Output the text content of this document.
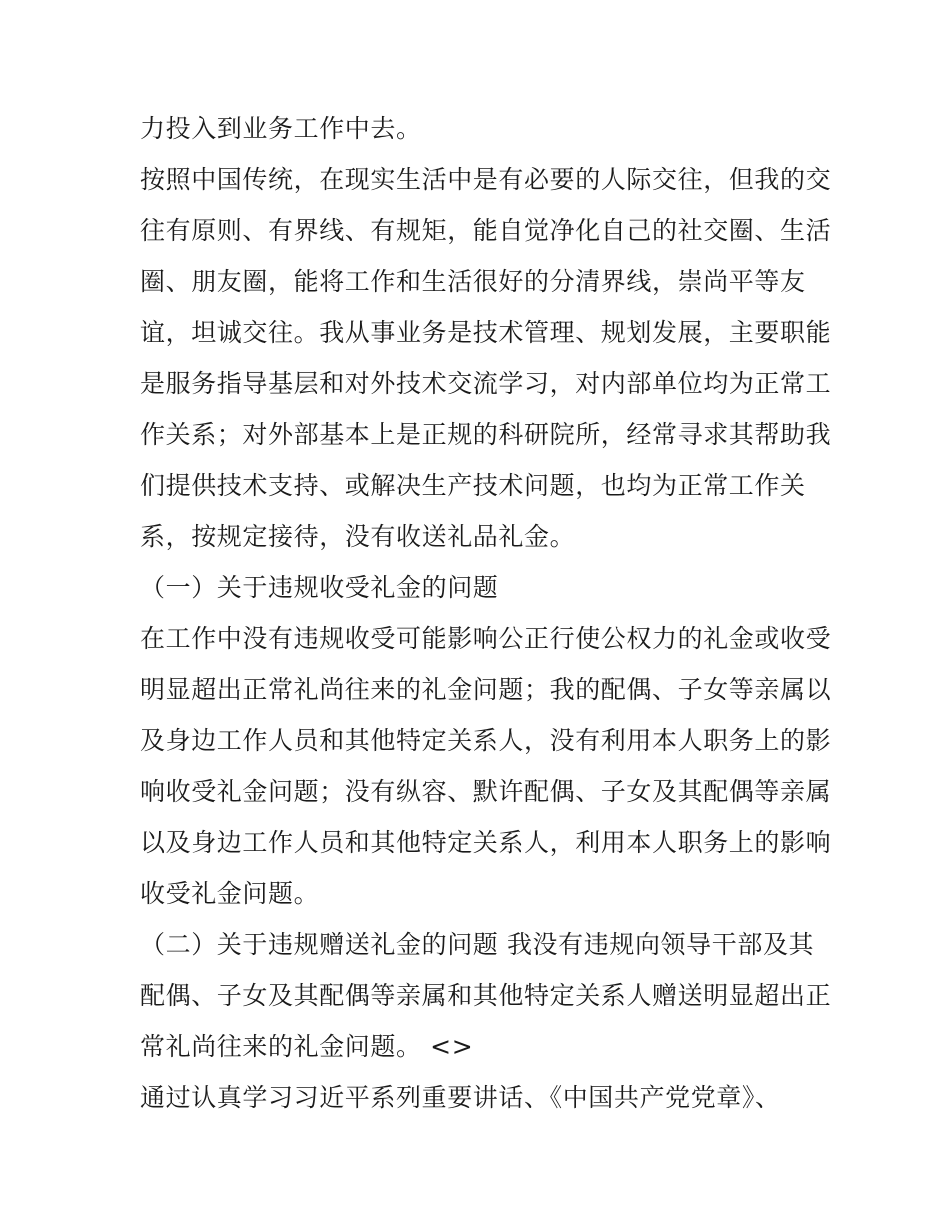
力投入到业务工作中去。
按照中国传统，在现实生活中是有必要的人际交往，但我的交
往有原则、有界线、有规矩，能自觉净化自己的社交圈、生活
圈、朋友圈，能将工作和生活很好的分清界线，崇尚平等友
谊，坦诚交往。我从事业务是技术管理、规划发展，主要职能
是服务指导基层和对外技术交流学习，对内部单位均为正常工
作关系；对外部基本上是正规的科研院所，经常寻求其帮助我
们提供技术支持、或解决生产技术问题，也均为正常工作关
系，按规定接待，没有收送礼品礼金。
（一）关于违规收受礼金的问题
在工作中没有违规收受可能影响公正行使公权力的礼金或收受
明显超出正常礼尚往来的礼金问题；我的配偶、子女等亲属以
及身边工作人员和其他特定关系人，没有利用本人职务上的影
响收受礼金问题；没有纵容、默许配偶、子女及其配偶等亲属
以及身边工作人员和其他特定关系人，利用本人职务上的影响
收受礼金问题。
（二）关于违规赠送礼金的问题 我没有违规向领导干部及其
配偶、子女及其配偶等亲属和其他特定关系人赠送明显超出正
常礼尚往来的礼金问题。 <>
通过认真学习习近平系列重要讲话、《中国共产党党章》、
